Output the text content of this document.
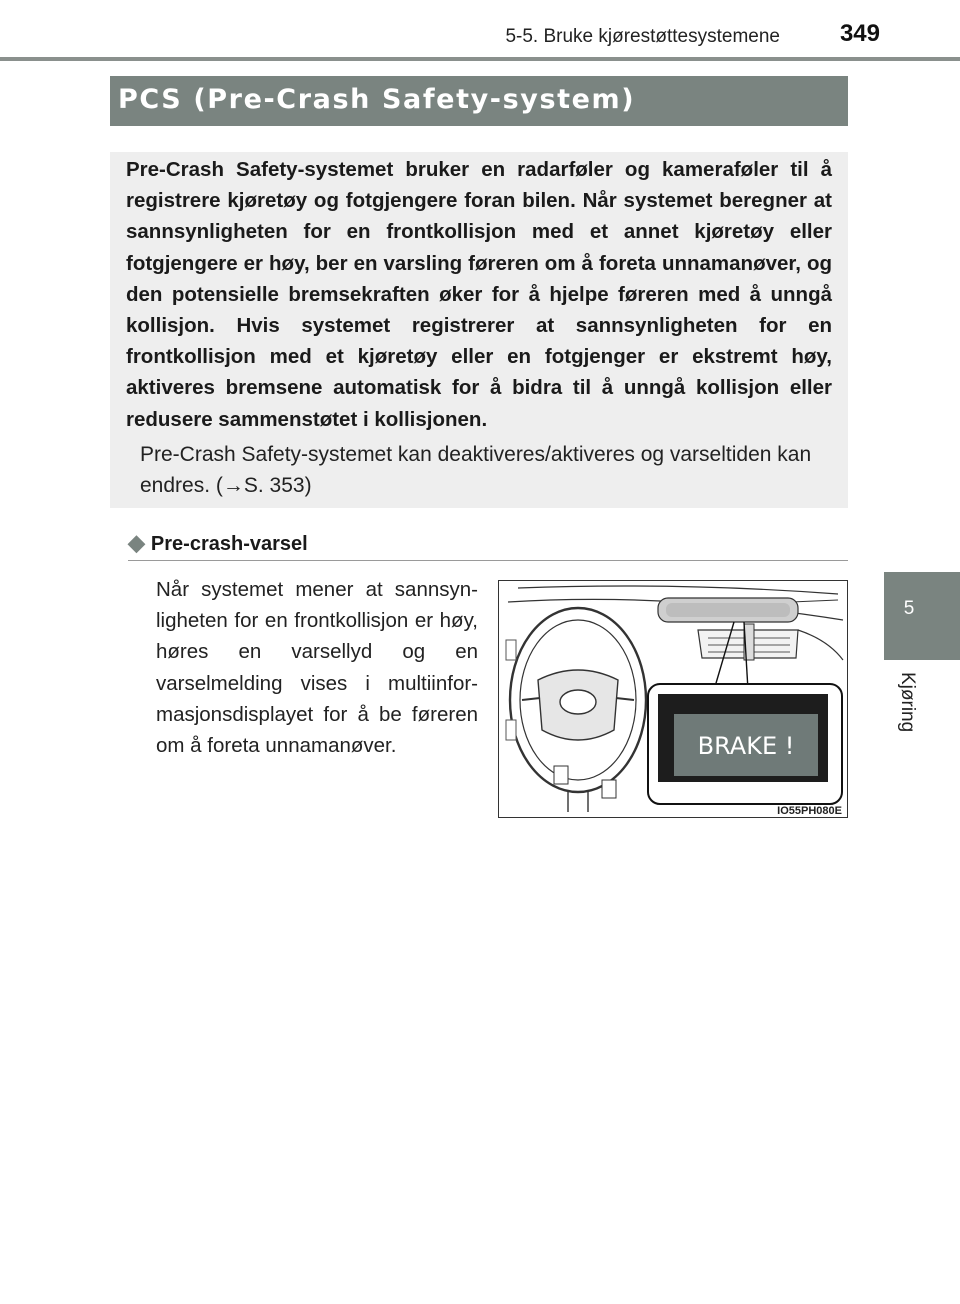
5-5. Bruke kjørestøttesystemene	349
5
Kjøring
PCS (Pre-Crash Safety-system)
Pre-Crash Safety-systemet bruker en radarføler og kameraføler til å registrere kjøretøy og fotgjengere foran bilen. Når systemet beregner at sannsynligheten for en frontkollisjon med et annet kjøretøy eller fotgjengere er høy, ber en varsling føreren om å foreta unnamanøver, og den potensielle bremsekraften øker for å hjelpe føreren med å unngå kollisjon. Hvis systemet registrerer at sannsynligheten for en frontkollisjon med et kjøretøy eller en fotgjenger er ekstremt høy, aktiveres bremsene automatisk for å bidra til å unngå kollisjon eller redusere sammenstøtet i kollisjonen.
Pre-Crash Safety-systemet kan deaktiveres/aktiveres og varseltiden kan endres. (→S. 353)
◆ Pre-crash-varsel
Når systemet mener at sannsynligheten for en frontkollisjon er høy, høres en varsellyd og en varselmelding vises i multiinformasjonsdisplayet for å be føreren om å foreta unnamanøver.	BRAKE !
IO55PH080E
